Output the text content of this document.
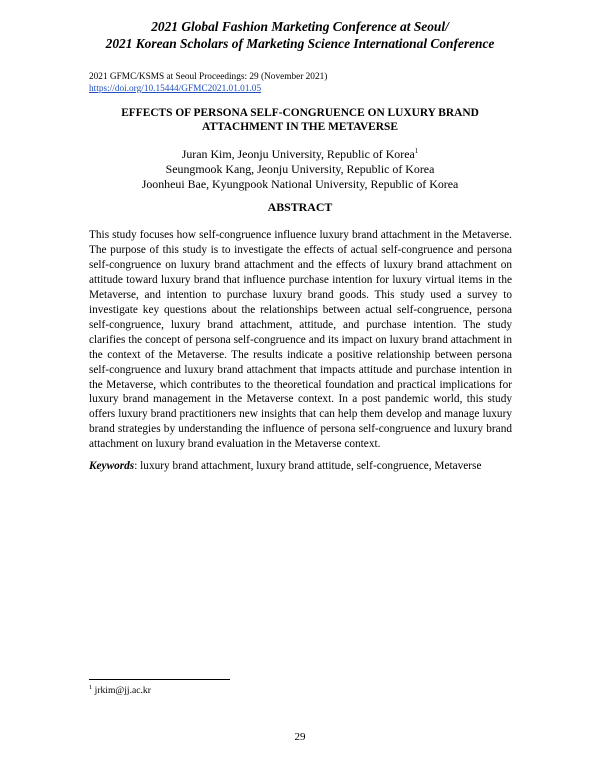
2021 Global Fashion Marketing Conference at Seoul/
2021 Korean Scholars of Marketing Science International Conference
2021 GFMC/KSMS at Seoul Proceedings: 29 (November 2021)
https://doi.org/10.15444/GFMC2021.01.01.05
EFFECTS OF PERSONA SELF-CONGRUENCE ON LUXURY BRAND
ATTACHMENT IN THE METAVERSE
Juran Kim, Jeonju University, Republic of Korea$^1$
Seungmook Kang, Jeonju University, Republic of Korea
Joonheui Bae, Kyungpook National University, Republic of Korea
ABSTRACT

This study focuses how self-congruence influence luxury brand attachment in the Metaverse. The purpose of this study is to investigate the effects of actual self-congruence and persona self-congruence on luxury brand attachment and the effects of luxury brand attachment on attitude toward luxury brand that influence purchase intention for luxury virtual items in the Metaverse, and intention to purchase luxury brand goods. This study used a survey to investigate key questions about the relationships between actual self-congruence, persona self-congruence, luxury brand attachment, attitude, and purchase intention. The study clarifies the concept of persona self-congruence and its impact on luxury brand attachment in the context of the Metaverse. The results indicate a positive relationship between persona self-congruence and luxury brand attachment that impacts attitude and purchase intention in the Metaverse, which contributes to the theoretical foundation and practical implications for luxury brand management in the Metaverse context. In a post pandemic world, this study offers luxury brand practitioners new insights that can help them develop and manage luxury brand strategies by understanding the influence of persona self-congruence and luxury brand attachment on luxury brand evaluation in the Metaverse context.

Keywords: luxury brand attachment, luxury brand attitude, self-congruence, Metaverse
$^1$ jrkim@jj.ac.kr
29
